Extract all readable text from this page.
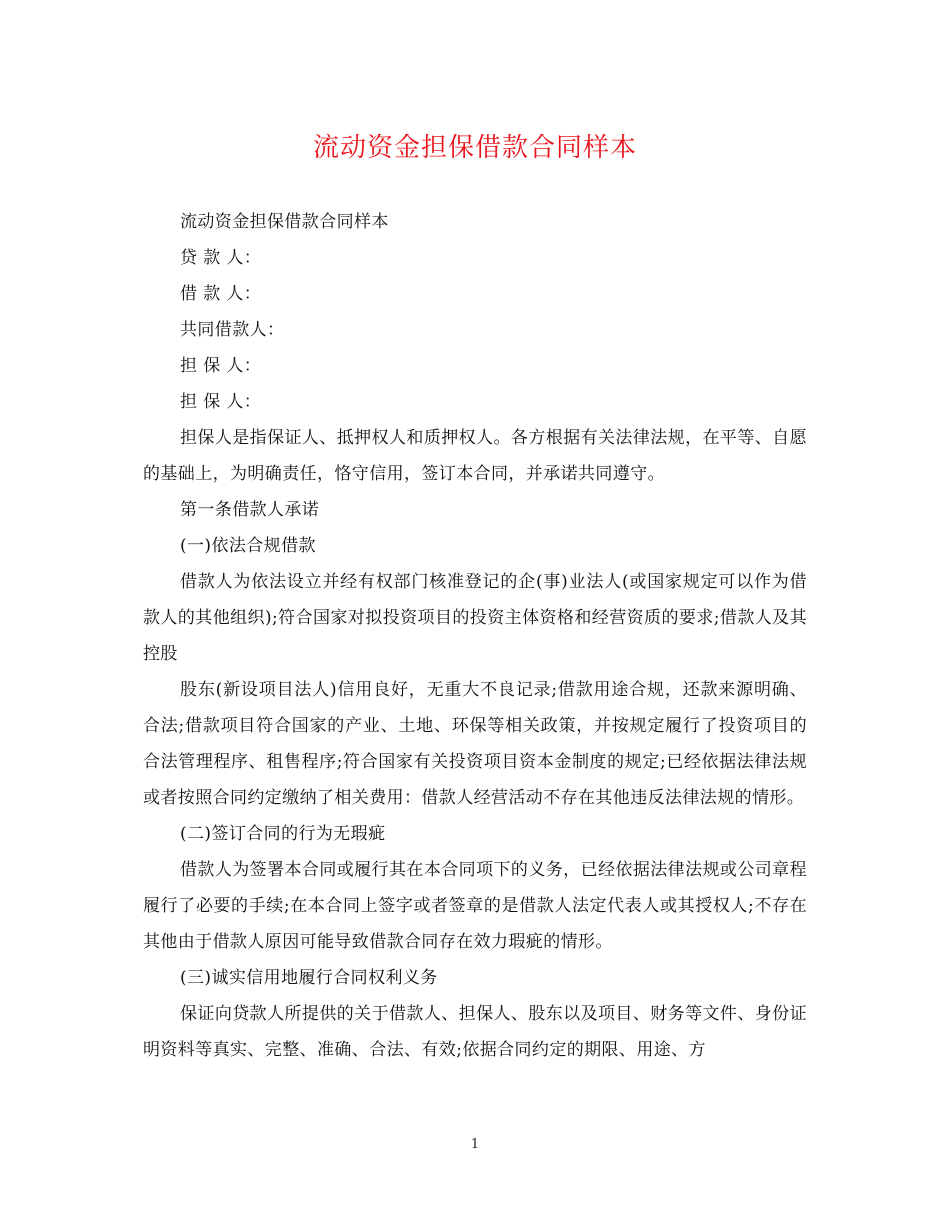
流动资金担保借款合同样本

流动资金担保借款合同样本

贷 款 人：

借 款 人：

共同借款人：

担 保 人：

担 保 人：

担保人是指保证人、抵押权人和质押权人。各方根据有关法律法规，在平等、自愿的基础上，为明确责任，恪守信用，签订本合同，并承诺共同遵守。

第一条借款人承诺

(一)依法合规借款

借款人为依法设立并经有权部门核准登记的企(事)业法人(或国家规定可以作为借款人的其他组织);符合国家对拟投资项目的投资主体资格和经营资质的要求;借款人及其控股

股东(新设项目法人)信用良好，无重大不良记录;借款用途合规，还款来源明确、合法;借款项目符合国家的产业、土地、环保等相关政策，并按规定履行了投资项目的合法管理程序、租售程序;符合国家有关投资项目资本金制度的规定;已经依据法律法规或者按照合同约定缴纳了相关费用：借款人经营活动不存在其他违反法律法规的情形。

(二)签订合同的行为无瑕疵

借款人为签署本合同或履行其在本合同项下的义务，已经依据法律法规或公司章程履行了必要的手续;在本合同上签字或者签章的是借款人法定代表人或其授权人;不存在其他由于借款人原因可能导致借款合同存在效力瑕疵的情形。

(三)诚实信用地履行合同权利义务

保证向贷款人所提供的关于借款人、担保人、股东以及项目、财务等文件、身份证明资料等真实、完整、准确、合法、有效;依据合同约定的期限、用途、方

1
